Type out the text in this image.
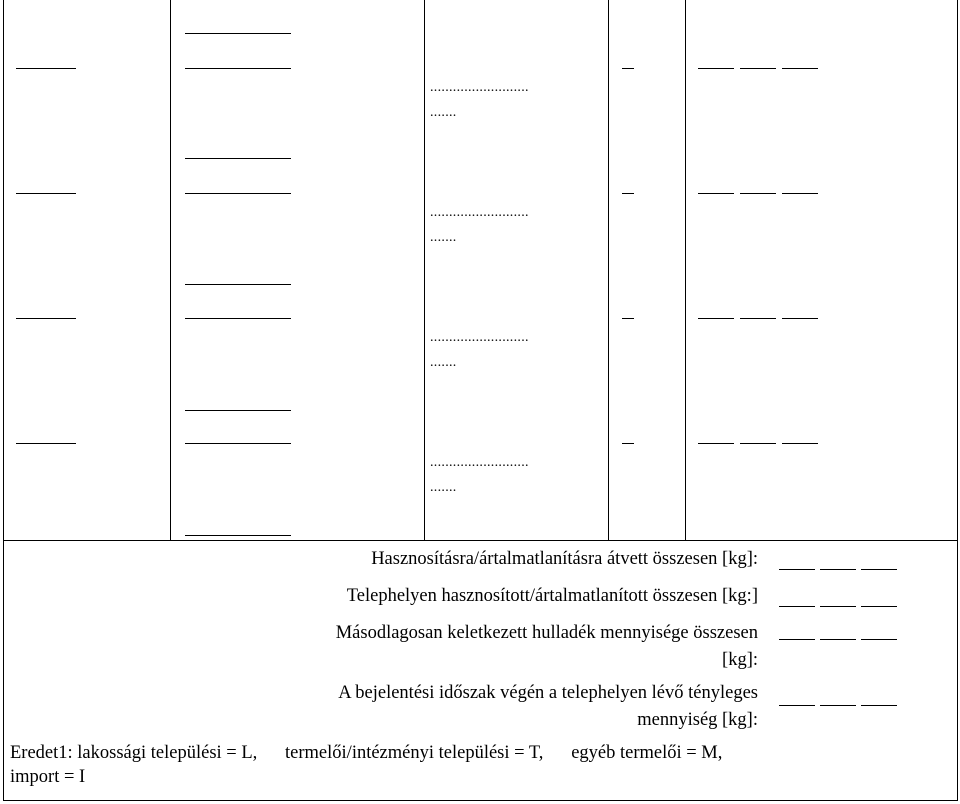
..........................
.......
..........................
.......
..........................
.......
..........................
.......
Hasznosításra/ártalmatlanításra átvett összesen [kg]:
Telephelyen hasznosított/ártalmatlanított összesen [kg:]
Másodlagosan keletkezett hulladék mennyisége összesen
[kg]:
A bejelentési időszak végén a telephelyen lévő tényleges
mennyiség [kg]:
Eredet1: lakossági települési = L, termelői/intézményi települési = T, egyéb termelői = M,
import = I
